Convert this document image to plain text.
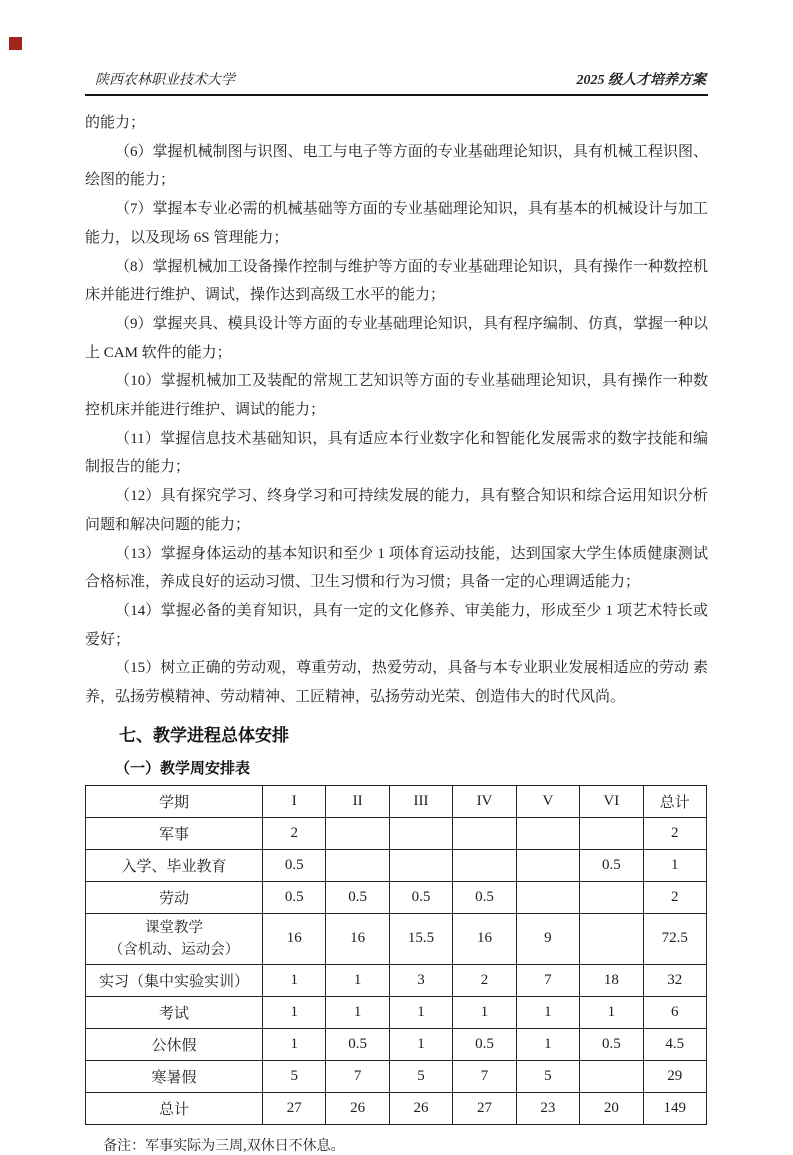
陕西农林职业技术大学	2025 级人才培养方案

的能力；

（6）掌握机械制图与识图、电工与电子等方面的专业基础理论知识，具有机械工程识图、绘图的能力；

（7）掌握本专业必需的机械基础等方面的专业基础理论知识，具有基本的机械设计与加工能力，以及现场 6S 管理能力；

（8）掌握机械加工设备操作控制与维护等方面的专业基础理论知识，具有操作一种数控机床并能进行维护、调试，操作达到高级工水平的能力；

（9）掌握夹具、模具设计等方面的专业基础理论知识，具有程序编制、仿真，掌握一种以上 CAM 软件的能力；

（10）掌握机械加工及装配的常规工艺知识等方面的专业基础理论知识，具有操作一种数控机床并能进行维护、调试的能力；

（11）掌握信息技术基础知识，具有适应本行业数字化和智能化发展需求的数字技能和编制报告的能力；

（12）具有探究学习、终身学习和可持续发展的能力，具有整合知识和综合运用知识分析 问题和解决问题的能力；

（13）掌握身体运动的基本知识和至少 1 项体育运动技能，达到国家大学生体质健康测试合格标准，养成良好的运动习惯、卫生习惯和行为习惯；具备一定的心理调适能力；

（14）掌握必备的美育知识，具有一定的文化修养、审美能力，形成至少 1 项艺术特长或爱好；

（15）树立正确的劳动观，尊重劳动，热爱劳动，具备与本专业职业发展相适应的劳动 素养，弘扬劳模精神、劳动精神、工匠精神，弘扬劳动光荣、创造伟大的时代风尚。

七、教学进程总体安排

（一）教学周安排表

学期	I	II	III	IV	V	VI	总计
军事	2						2
入学、毕业教育	0.5					0.5	1
劳动	0.5	0.5	0.5	0.5			2

课堂教学
（含机动、运动会）	16	16	15.5	16	9		72.5
实习（集中实验实训）	1	1	3	2	7	18	32
考试	1	1	1	1	1	1	6
公休假	1	0.5	1	0.5	1	0.5	4.5
寒暑假	5	7	5	7	5		29
总计	27	26	26	27	23	20	149

备注：军事实际为三周,双休日不休息。
